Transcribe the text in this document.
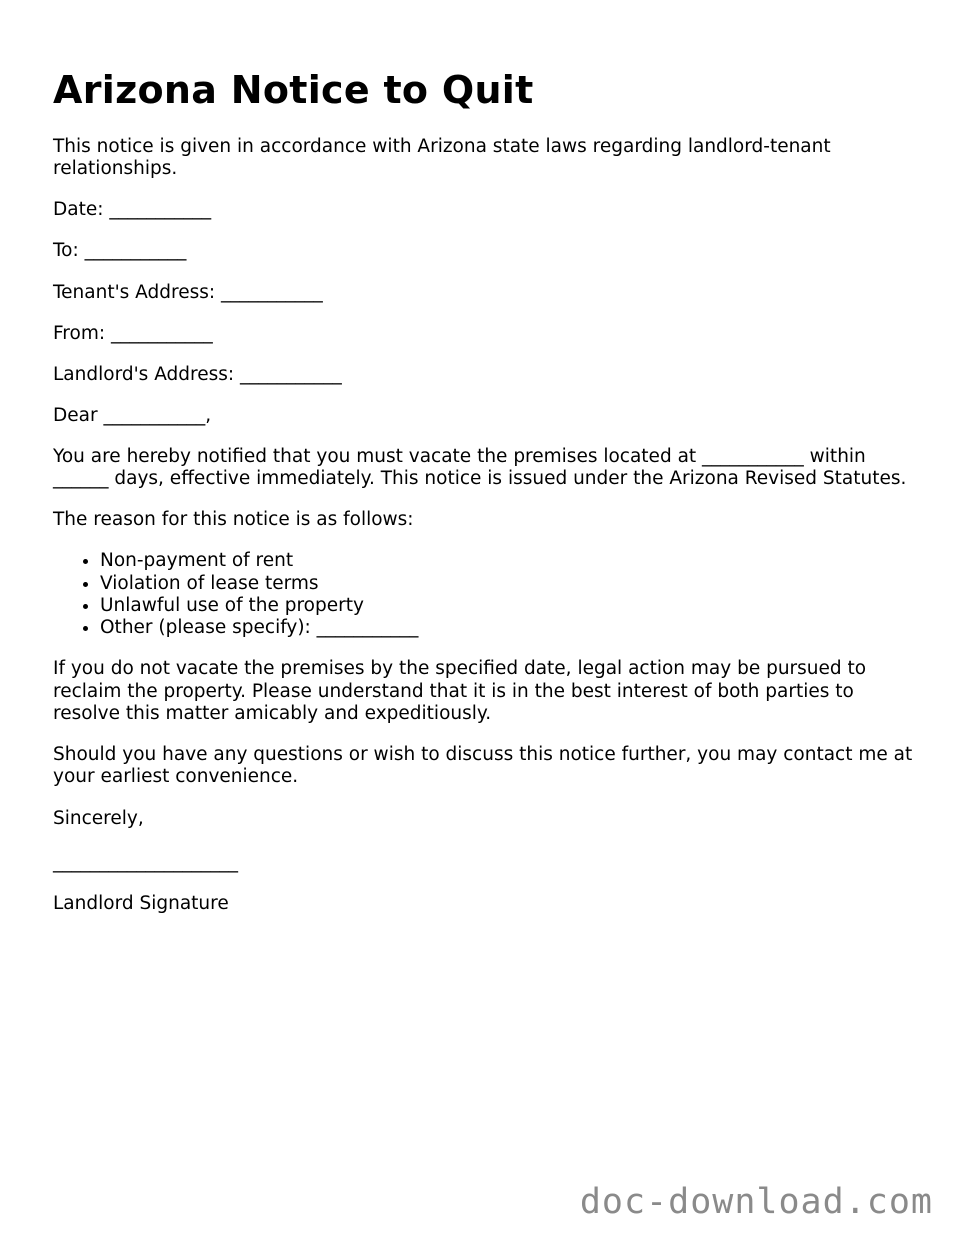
Arizona Notice to Quit

This notice is given in accordance with Arizona state laws regarding landlord-tenant relationships.

Date: ___________

To: ___________

Tenant's Address: ___________

From: ___________

Landlord's Address: ___________

Dear ___________,

You are hereby notified that you must vacate the premises located at ___________ within ______ days, effective immediately. This notice is issued under the Arizona Revised Statutes.

The reason for this notice is as follows:

• Non-payment of rent
• Violation of lease terms
• Unlawful use of the property
• Other (please specify): ___________

If you do not vacate the premises by the specified date, legal action may be pursued to reclaim the property. Please understand that it is in the best interest of both parties to resolve this matter amicably and expeditiously.

Should you have any questions or wish to discuss this notice further, you may contact me at your earliest convenience.

Sincerely,

____________________

Landlord Signature

doc-download.com
